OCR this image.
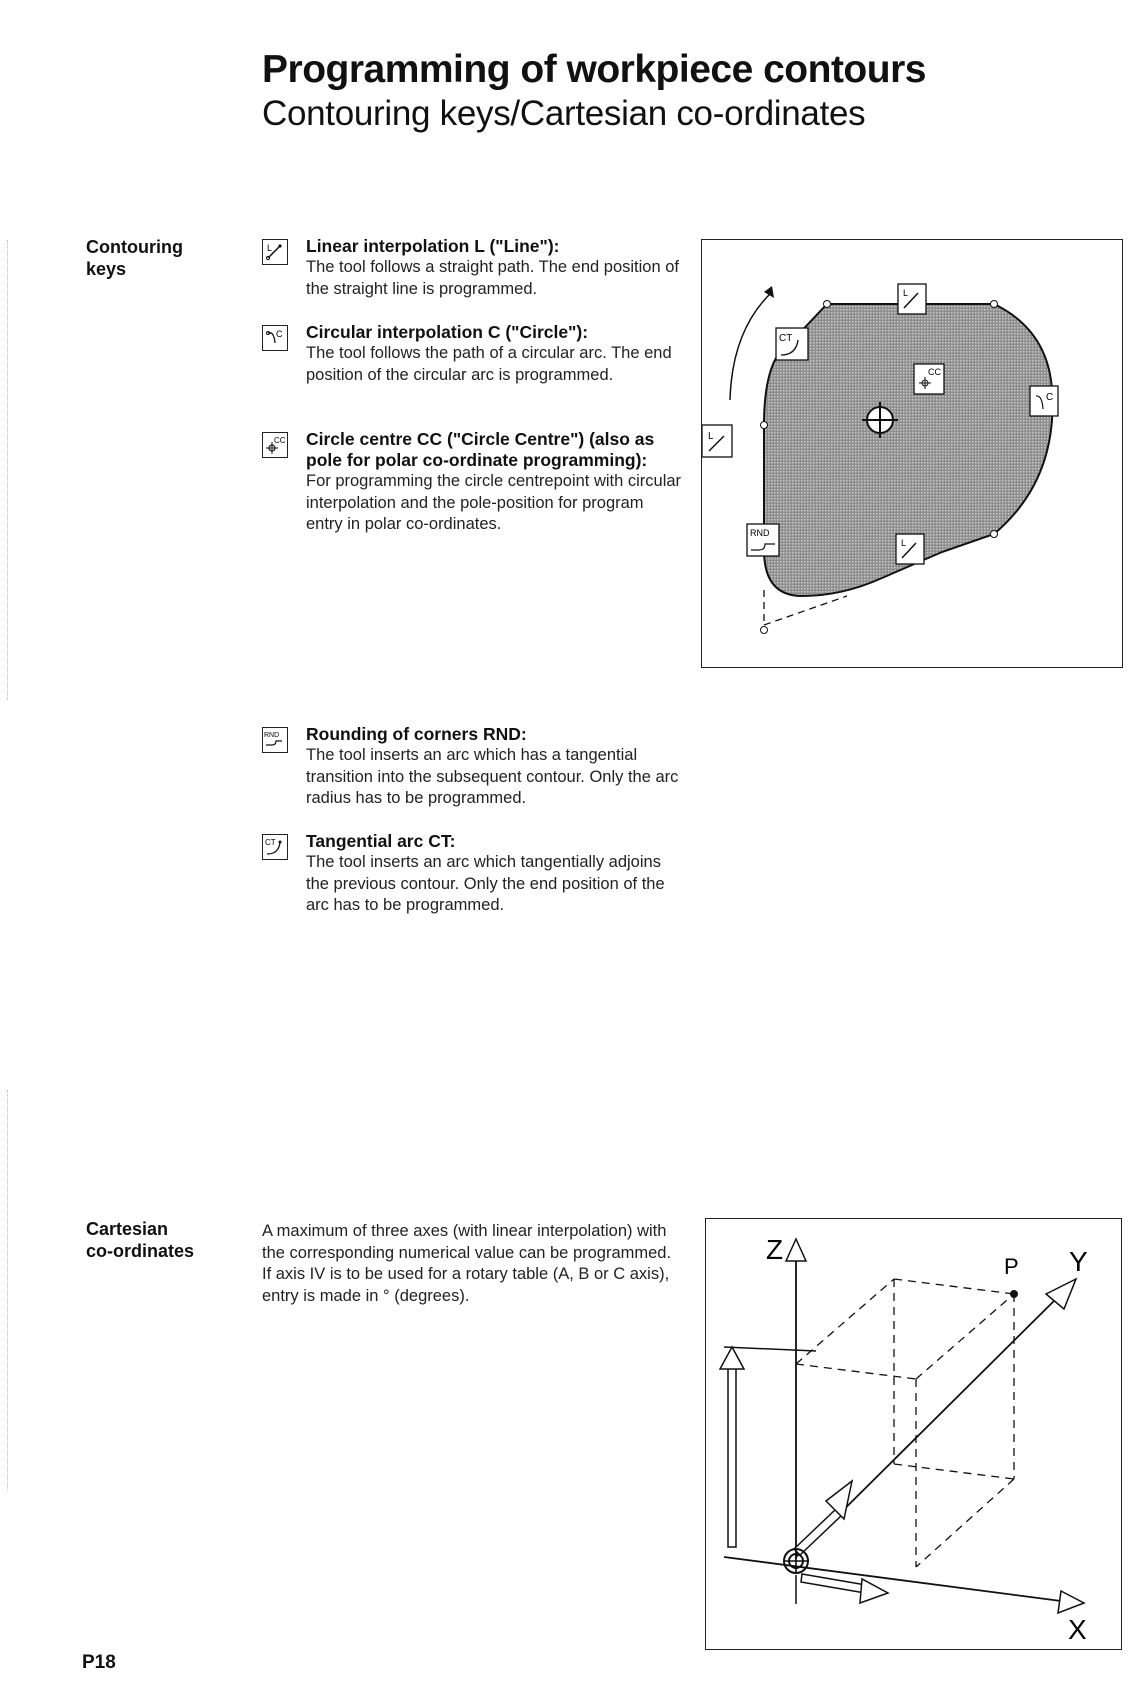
Programming of workpiece contours
Contouring keys/Cartesian co-ordinates
Contouring
keys
Cartesian
co-ordinates
L Linear interpolation L ("Line"):
The tool follows a straight path. The end position of the straight line is programmed.
C Circular interpolation C ("Circle"):
The tool follows the path of a circular arc. The end position of the circular arc is programmed.
CC Circle centre CC ("Circle Centre") (also as pole for polar co-ordinate programming):
For programming the circle centrepoint with circular interpolation and the pole-position for program entry in polar co-ordinates.
RND Rounding of corners RND:
The tool inserts an arc which has a tangential transition into the subsequent contour. Only the arc radius has to be programmed.
CT Tangential arc CT:
The tool inserts an arc which tangentially adjoins the previous contour. Only the end position of the arc has to be programmed.
A maximum of three axes (with linear interpolation) with the corresponding numerical value can be programmed. If axis IV is to be used for a rotary table (A, B or C axis), entry is made in ° (degrees).
L
CT
CC
C
L
RND
L
Z	Y
X
P
P18
